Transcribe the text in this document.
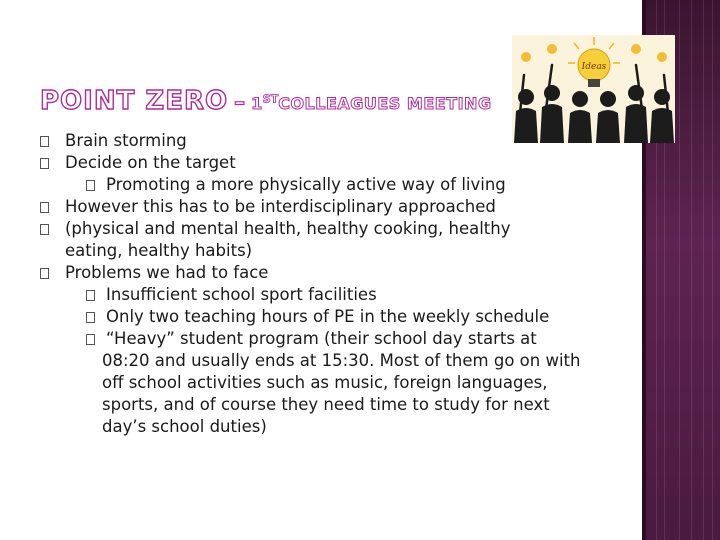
POINT ZERO – 1STCOLLEAGUES MEETING
Ideas
Brain storming
Decide on the target
Promoting a more physically active way of living
However this has to be interdisciplinary approached
(physical and mental health, healthy cooking, healthy
eating, healthy habits)
Problems we had to face
Insufficient school sport facilities
Only two teaching hours of PE in the weekly schedule
“Heavy” student program (their school day starts at
08:20 and usually ends at 15:30. Most of them go on with
off school activities such as music, foreign languages,
sports, and of course they need time to study for next
day’s school duties)
